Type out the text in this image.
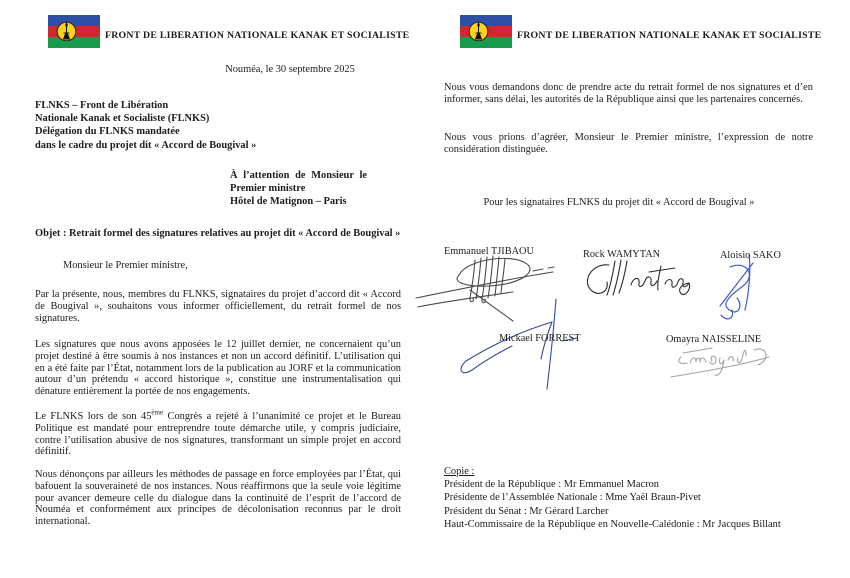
FRONT DE LIBERATION NATIONALE KANAK ET SOCIALISTE
Nouméa, le 30 septembre 2025
FLNKS – Front de Libération
Nationale Kanak et Socialiste (FLNKS)
Délégation du FLNKS mandatée
dans le cadre du projet dit « Accord de Bougival »
À l’attention de Monsieur le
Premier ministre
Hôtel de Matignon – Paris
Objet : Retrait formel des signatures relatives au projet dit « Accord de Bougival »
Monsieur le Premier ministre,

Par la présente, nous, membres du FLNKS, signataires du projet d’accord dit « Accord de Bougival », souhaitons vous informer officiellement, du retrait formel de nos signatures.

Les signatures que nous avons apposées le 12 juillet dernier, ne concernaient qu’un projet destiné à être soumis à nos instances et non un accord définitif. L’utilisation qui en a été faite par l’État, notamment lors de la publication au JORF et la communication autour d’un prétendu « accord historique », constitue une instrumentalisation qui dénature entièrement la portée de nos engagements.

Le FLNKS lors de son 45ème Congrès a rejeté à l’unanimité ce projet et le Bureau Politique est mandaté pour entreprendre toute démarche utile, y compris judiciaire, contre l’utilisation abusive de nos signatures, transformant un simple projet en accord définitif.

Nous dénonçons par ailleurs les méthodes de passage en force employées par l’État, qui bafouent la souveraineté de nos instances. Nous réaffirmons que la seule voie légitime pour avancer demeure celle du dialogue dans la continuité de l’esprit de l’accord de Nouméa et conformément aux principes de décolonisation reconnus par le droit international.

FRONT DE LIBERATION NATIONALE KANAK ET SOCIALISTE

Nous vous demandons donc de prendre acte du retrait formel de nos signatures et d’en informer, sans délai, les autorités de la République ainsi que les partenaires concernés.

Nous vous prions d’agréer, Monsieur le Premier ministre, l’expression de notre considération distinguée.

Pour les signataires FLNKS du projet dit « Accord de Bougival »
Emmanuel TJIBAOU	Rock WAMYTAN	Aloisio SAKO
Mickael FORREST	Omayra NAISSELINE
Copie :
Président de la République : Mr Emmanuel Macron
Présidente de l’Assemblée Nationale : Mme Yaël Braun-Pivet
Président du Sénat : Mr Gérard Larcher
Haut-Commissaire de la République en Nouvelle-Calédonie : Mr Jacques Billant
